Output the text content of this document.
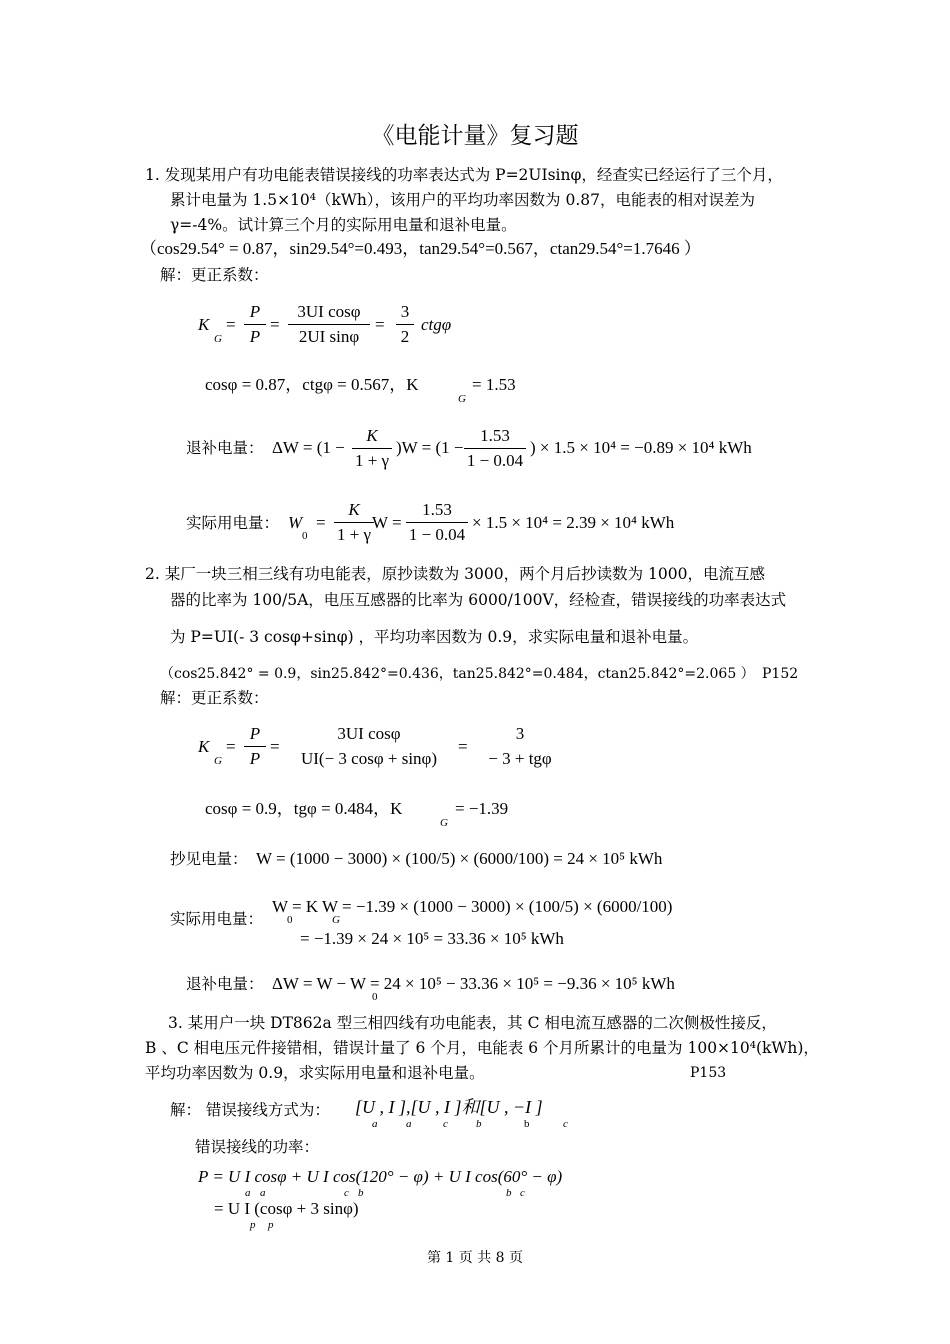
《电能计量》复习题
1. 发现某用户有功电能表错误接线的功率表达式为 P=2UIsinφ，经查实已经运行了三个月，
累计电量为 1.5×10⁴（kWh），该用户的平均功率因数为 0.87，电能表的相对误差为
γ=-4%。试计算三个月的实际用电量和退补电量。
（cos29.54° = 0.87，sin29.54°=0.493，tan29.54°=0.567，ctan29.54°=1.7646 ）
解：更正系数：
K
G
=
P
P
=
3UI cosφ
2UI sinφ
=
3
2
ctgφ
cosφ = 0.87，ctgφ = 0.567，K
G
= 1.53
退补电量： ΔW = (1 −
K
1 + γ
)W = (1 −
1.53
1 − 0.04
) × 1.5 × 10⁴ = −0.89 × 10⁴ kWh
实际用电量： W
0
=
K
1 + γ
W =
1.53
1 − 0.04
× 1.5 × 10⁴ = 2.39 × 10⁴ kWh
2. 某厂一块三相三线有功电能表，原抄读数为 3000，两个月后抄读数为 1000，电流互感
器的比率为 100/5A，电压互感器的比率为 6000/100V，经检查，错误接线的功率表达式
为 P=UI(- 3 cosφ+sinφ) ，平均功率因数为 0.9，求实际电量和退补电量。
（cos25.842° = 0.9，sin25.842°=0.436，tan25.842°=0.484，ctan25.842°=2.065 ） P152
解：更正系数：
K
G
=
P
P
=
3UI cosφ
UI(− 3 cosφ + sinφ)
=
3
− 3 + tgφ
cosφ = 0.9，tgφ = 0.484，K
G
= −1.39
抄见电量： W = (1000 − 3000) × (100/5) × (6000/100) = 24 × 10⁵ kWh
实际用电量：
W = K W = −1.39 × (1000 − 3000) × (100/5) × (6000/100)
0	G
= −1.39 × 24 × 10⁵ = 33.36 × 10⁵ kWh
退补电量： ΔW = W − W = 24 × 10⁵ − 33.36 × 10⁵ = −9.36 × 10⁵ kWh
0
3. 某用户一块 DT862a 型三相四线有功电能表，其 C 相电流互感器的二次侧极性接反，
B 、C 相电压元件接错相，错误计量了 6 个月，电能表 6 个月所累计的电量为 100×10⁴(kWh)，
平均功率因数为 0.9，求实际用电量和退补电量。	P153
解： 错误接线方式为： [U , I ],[U , I ]和[U , −I ]
a	a	c	b	b	c
错误接线的功率：
P = U I cosφ + U I cos(120° − φ) + U I cos(60° − φ)
a a	c b	b c
= U I (cosφ + 3 sinφ)
p p
第 1 页 共 8 页
